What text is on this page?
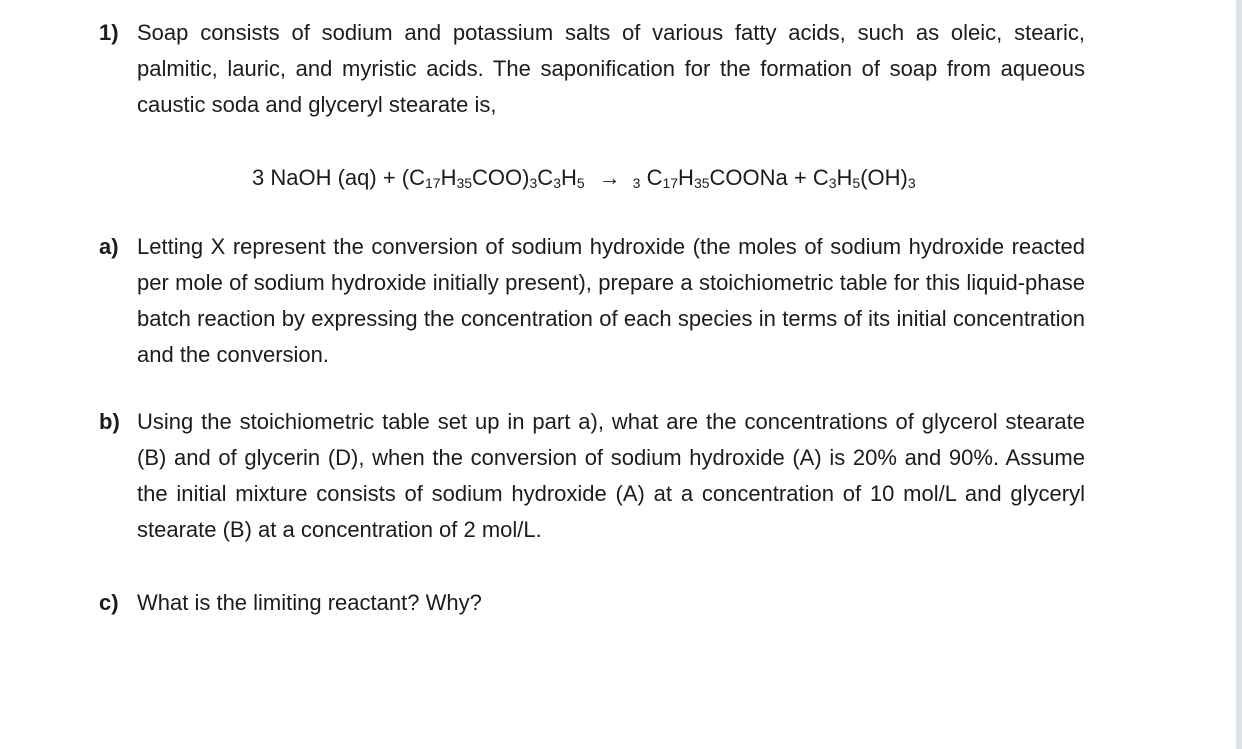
1) Soap consists of sodium and potassium salts of various fatty acids, such as oleic, stearic, palmitic, lauric, and myristic acids. The saponification for the formation of soap from aqueous caustic soda and glyceryl stearate is,
3 NaOH $(aq) + (C_{17}H_{35}COO)_3C_3H_5 \to _3$ $C_{17}H_{35}COONa + C_3H_5(OH)_3$
a) Letting X represent the conversion of sodium hydroxide (the moles of sodium hydroxide reacted per mole of sodium hydroxide initially present), prepare a stoichiometric table for this liquid-phase batch reaction by expressing the concentration of each species in terms of its initial concentration and the conversion.
b) Using the stoichiometric table set up in part a), what are the concentrations of glycerol stearate (B) and of glycerin (D), when the conversion of sodium hydroxide (A) is 20% and 90%. Assume the initial mixture consists of sodium hydroxide (A) at a concentration of 10 mol/L and glyceryl stearate (B) at a concentration of 2 mol/L.
c) What is the limiting reactant? Why?
